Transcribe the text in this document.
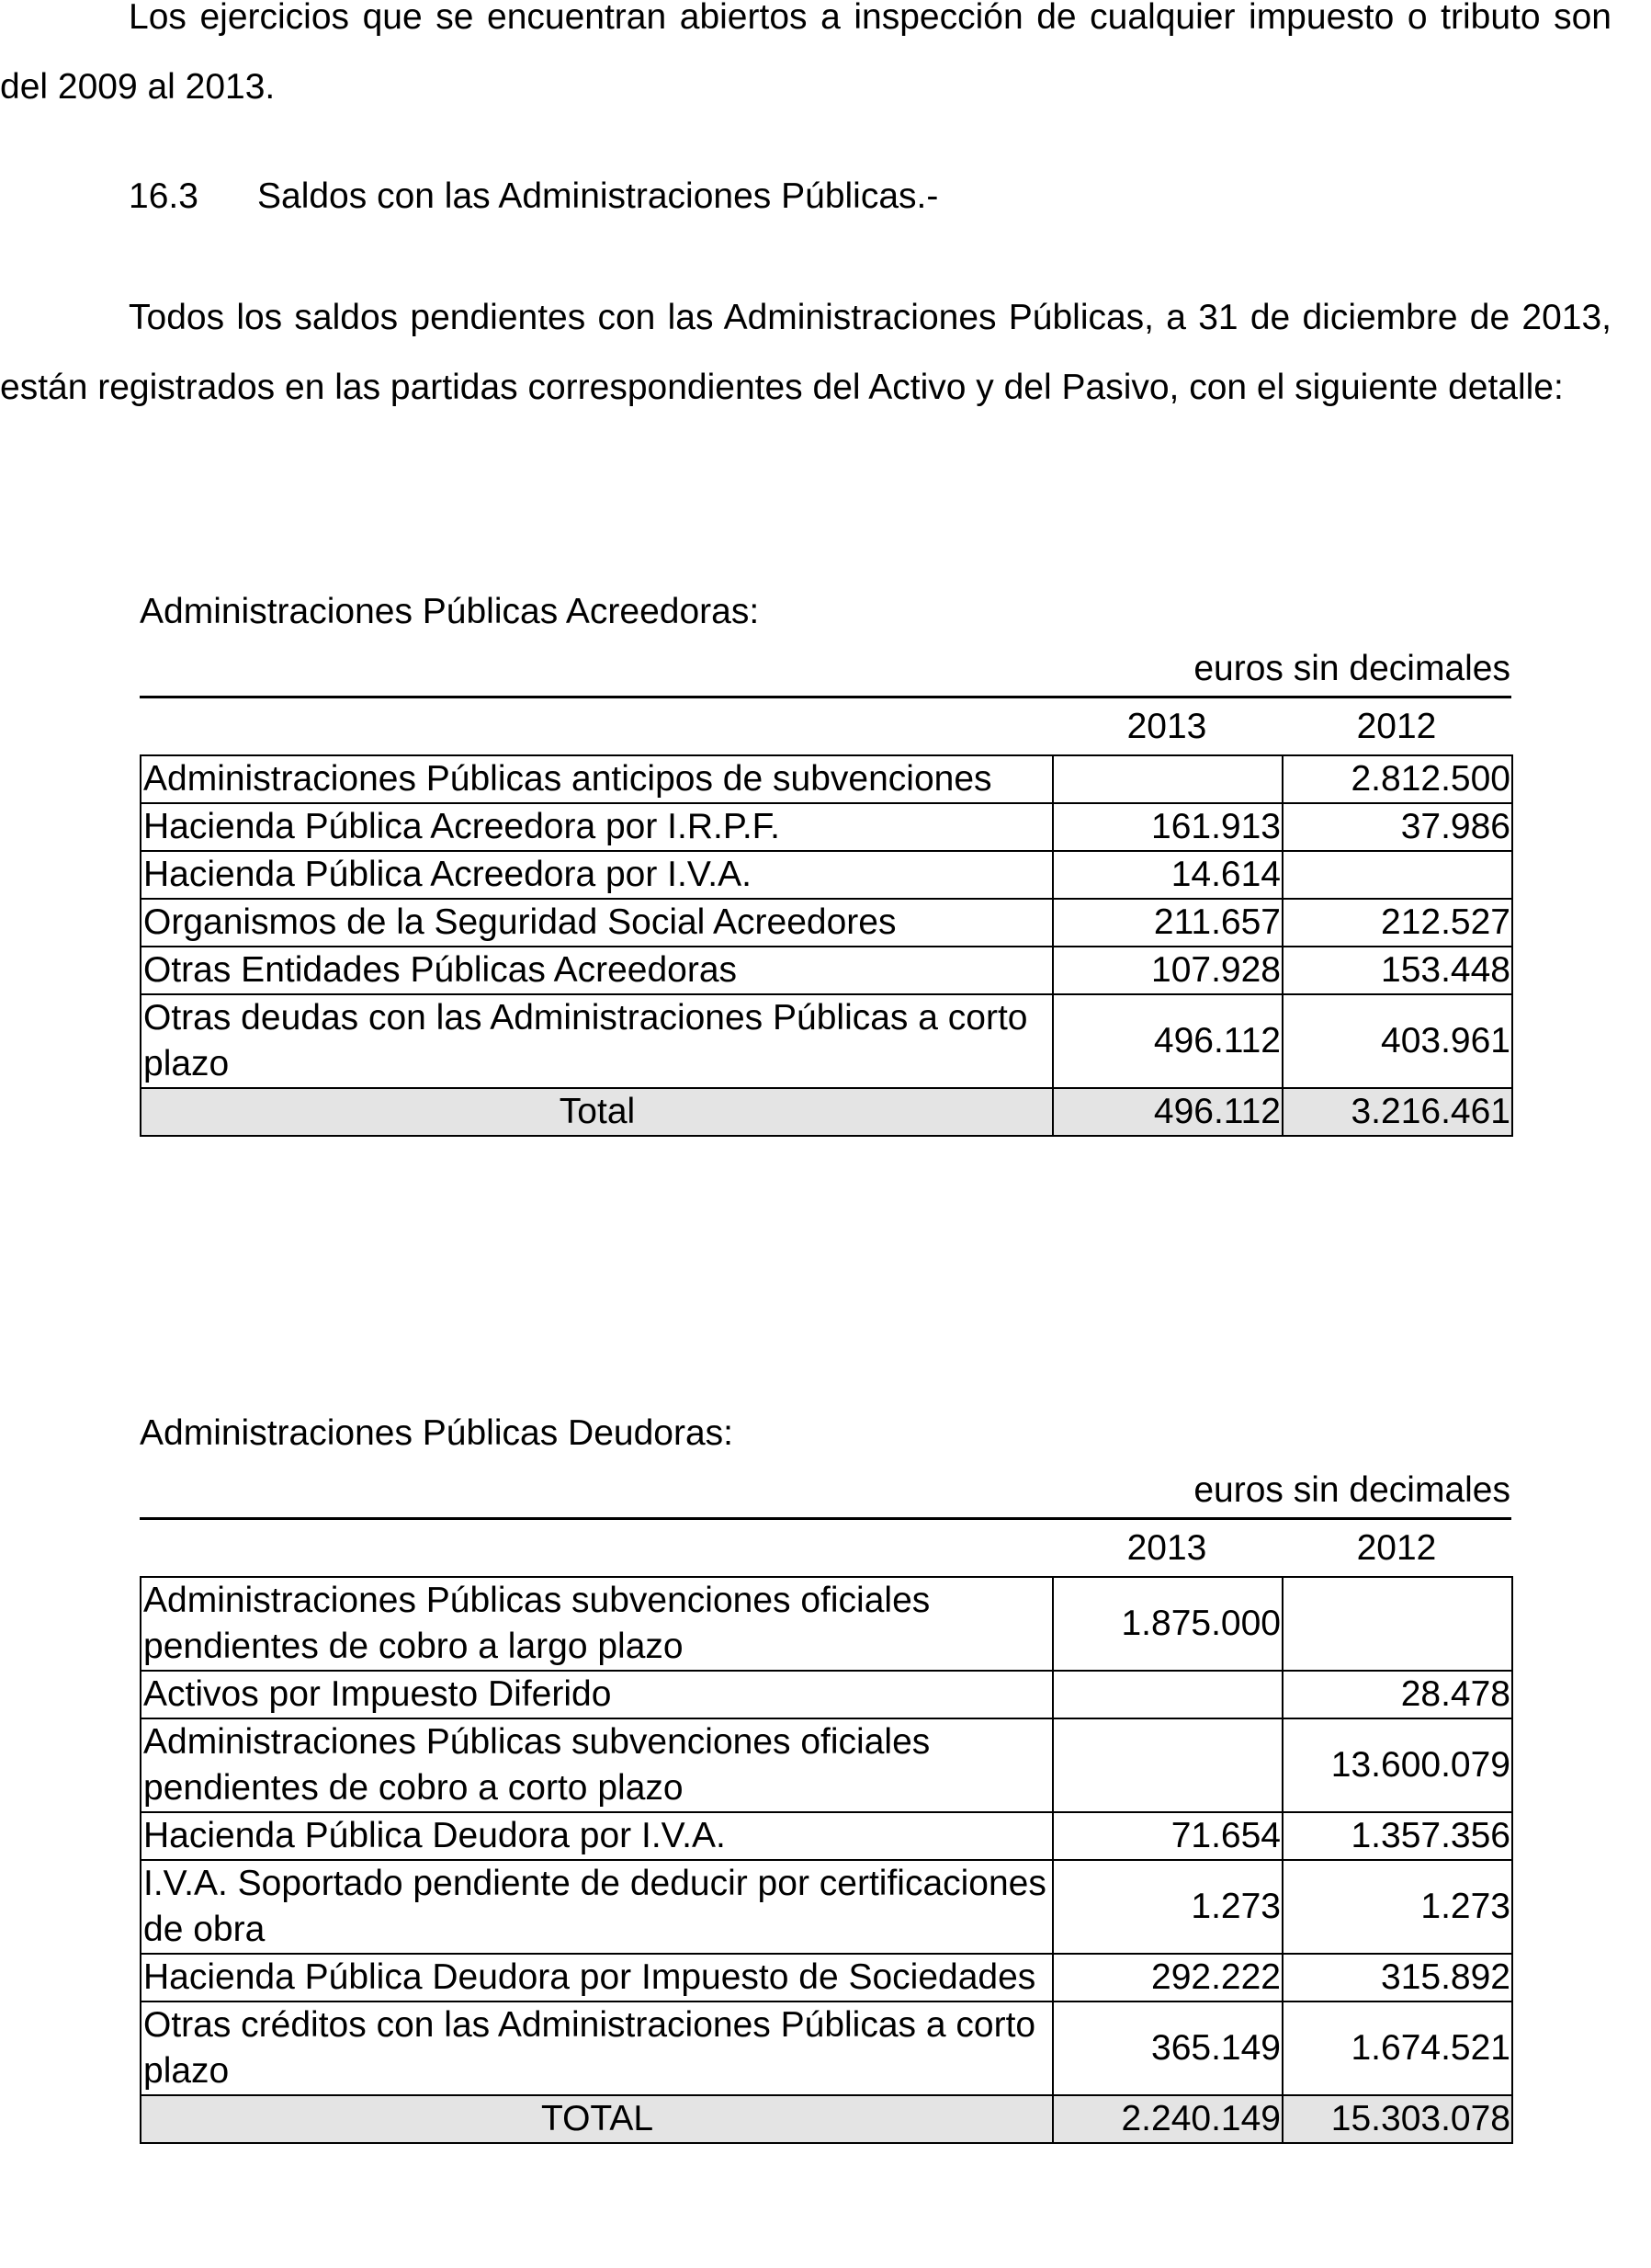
Los ejercicios que se encuentran abiertos a inspección de cualquier impuesto o tributo son del 2009 al 2013.

16.3 Saldos con las Administraciones Públicas.-

Todos los saldos pendientes con las Administraciones Públicas, a 31 de diciembre de 2013, están registrados en las partidas correspondientes del Activo y del Pasivo, con el siguiente detalle:

Administraciones Públicas Acreedoras:

euros sin decimales

2013	2012
Administraciones Públicas anticipos de subvenciones		2.812.500
Hacienda Pública Acreedora por I.R.P.F.	161.913	37.986
Hacienda Pública Acreedora por I.V.A.	14.614	
Organismos de la Seguridad Social Acreedores	211.657	212.527
Otras Entidades Públicas Acreedoras	107.928	153.448
Otras deudas con las Administraciones Públicas a corto plazo	496.112	403.961
Total	496.112	3.216.461

Administraciones Públicas Deudoras:

euros sin decimales

2013	2012
Administraciones Públicas subvenciones oficiales pendientes de cobro a largo plazo	1.875.000	
Activos por Impuesto Diferido		28.478
Administraciones Públicas subvenciones oficiales pendientes de cobro a corto plazo		13.600.079
Hacienda Pública Deudora por I.V.A.	71.654	1.357.356
I.V.A. Soportado pendiente de deducir por certificaciones de obra	1.273	1.273
Hacienda Pública Deudora por Impuesto de Sociedades	292.222	315.892
Otras créditos con las Administraciones Públicas a corto plazo	365.149	1.674.521
TOTAL	2.240.149	15.303.078
